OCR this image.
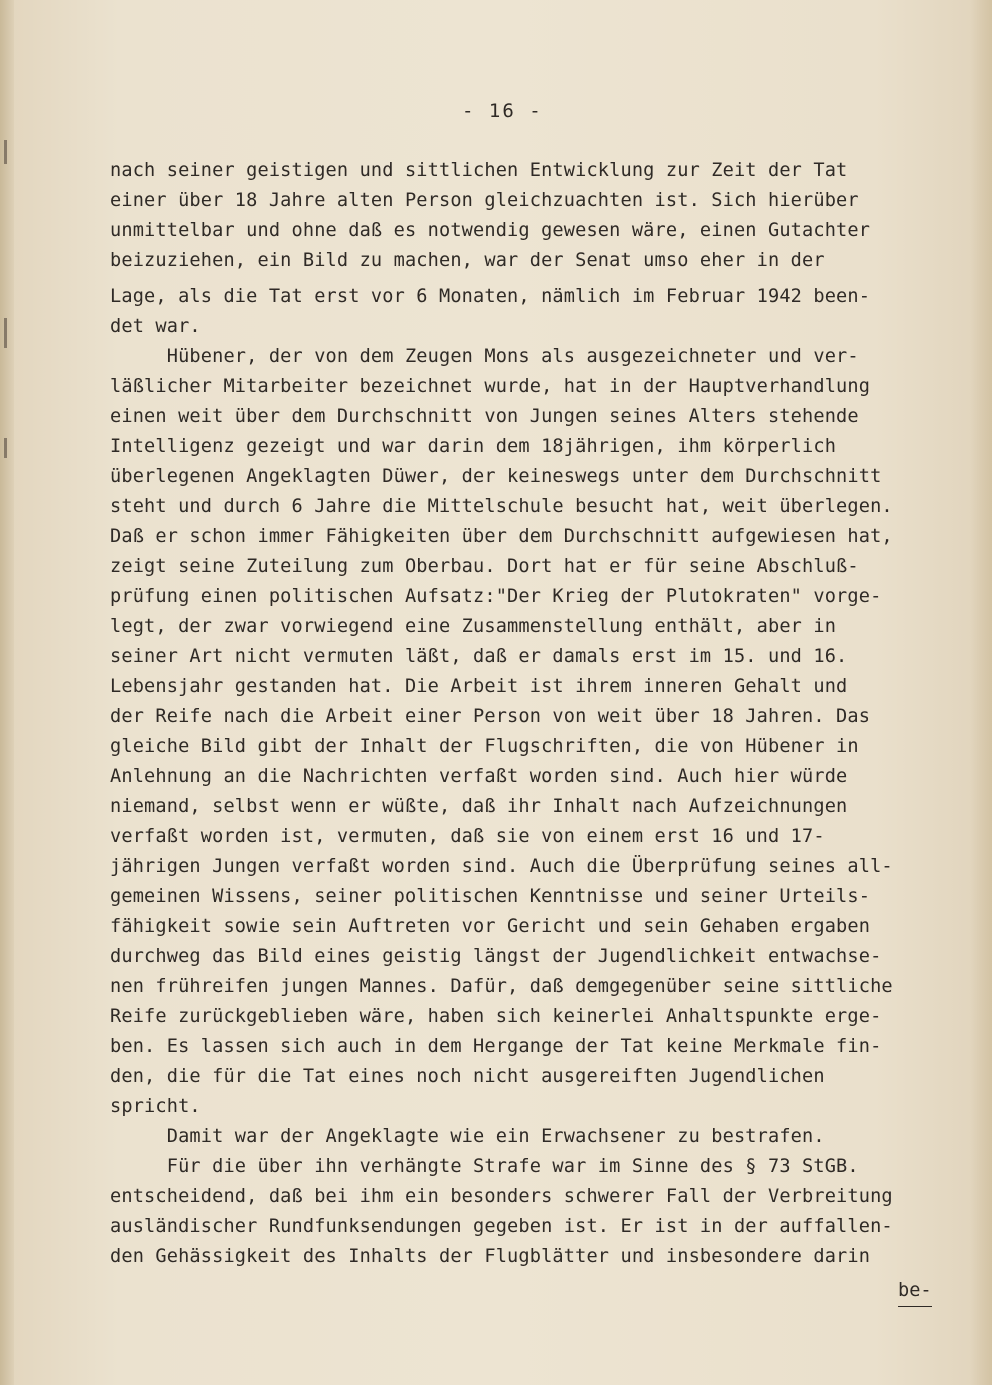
- 16 -
nach seiner geistigen und sittlichen Entwicklung zur Zeit der Tat
einer über 18 Jahre alten Person gleichzuachten ist. Sich hierüber
unmittelbar und ohne daß es notwendig gewesen wäre, einen Gutachter
beizuziehen, ein Bild zu machen, war der Senat umso eher in der
Lage, als die Tat erst vor 6 Monaten, nämlich im Februar 1942 been-
det war.
Hübener, der von dem Zeugen Mons als ausgezeichneter und ver-
läßlicher Mitarbeiter bezeichnet wurde, hat in der Hauptverhandlung
einen weit über dem Durchschnitt von Jungen seines Alters stehende
Intelligenz gezeigt und war darin dem 18jährigen, ihm körperlich
überlegenen Angeklagten Düwer, der keineswegs unter dem Durchschnitt
steht und durch 6 Jahre die Mittelschule besucht hat, weit überlegen.
Daß er schon immer Fähigkeiten über dem Durchschnitt aufgewiesen hat,
zeigt seine Zuteilung zum Oberbau. Dort hat er für seine Abschluß-
prüfung einen politischen Aufsatz:"Der Krieg der Plutokraten" vorge-
legt, der zwar vorwiegend eine Zusammenstellung enthält, aber in
seiner Art nicht vermuten läßt, daß er damals erst im 15. und 16.
Lebensjahr gestanden hat. Die Arbeit ist ihrem inneren Gehalt und
der Reife nach die Arbeit einer Person von weit über 18 Jahren. Das
gleiche Bild gibt der Inhalt der Flugschriften, die von Hübener in
Anlehnung an die Nachrichten verfaßt worden sind. Auch hier würde
niemand, selbst wenn er wüßte, daß ihr Inhalt nach Aufzeichnungen
verfaßt worden ist, vermuten, daß sie von einem erst 16 und 17-
jährigen Jungen verfaßt worden sind. Auch die Überprüfung seines all-
gemeinen Wissens, seiner politischen Kenntnisse und seiner Urteils-
fähigkeit sowie sein Auftreten vor Gericht und sein Gehaben ergaben
durchweg das Bild eines geistig längst der Jugendlichkeit entwachse-
nen frühreifen jungen Mannes. Dafür, daß demgegenüber seine sittliche
Reife zurückgeblieben wäre, haben sich keinerlei Anhaltspunkte erge-
ben. Es lassen sich auch in dem Hergange der Tat keine Merkmale fin-
den, die für die Tat eines noch nicht ausgereiften Jugendlichen
spricht.
Damit war der Angeklagte wie ein Erwachsener zu bestrafen.
Für die über ihn verhängte Strafe war im Sinne des § 73 StGB.
entscheidend, daß bei ihm ein besonders schwerer Fall der Verbreitung
ausländischer Rundfunksendungen gegeben ist. Er ist in der auffallen-
den Gehässigkeit des Inhalts der Flugblätter und insbesondere darin
be-
